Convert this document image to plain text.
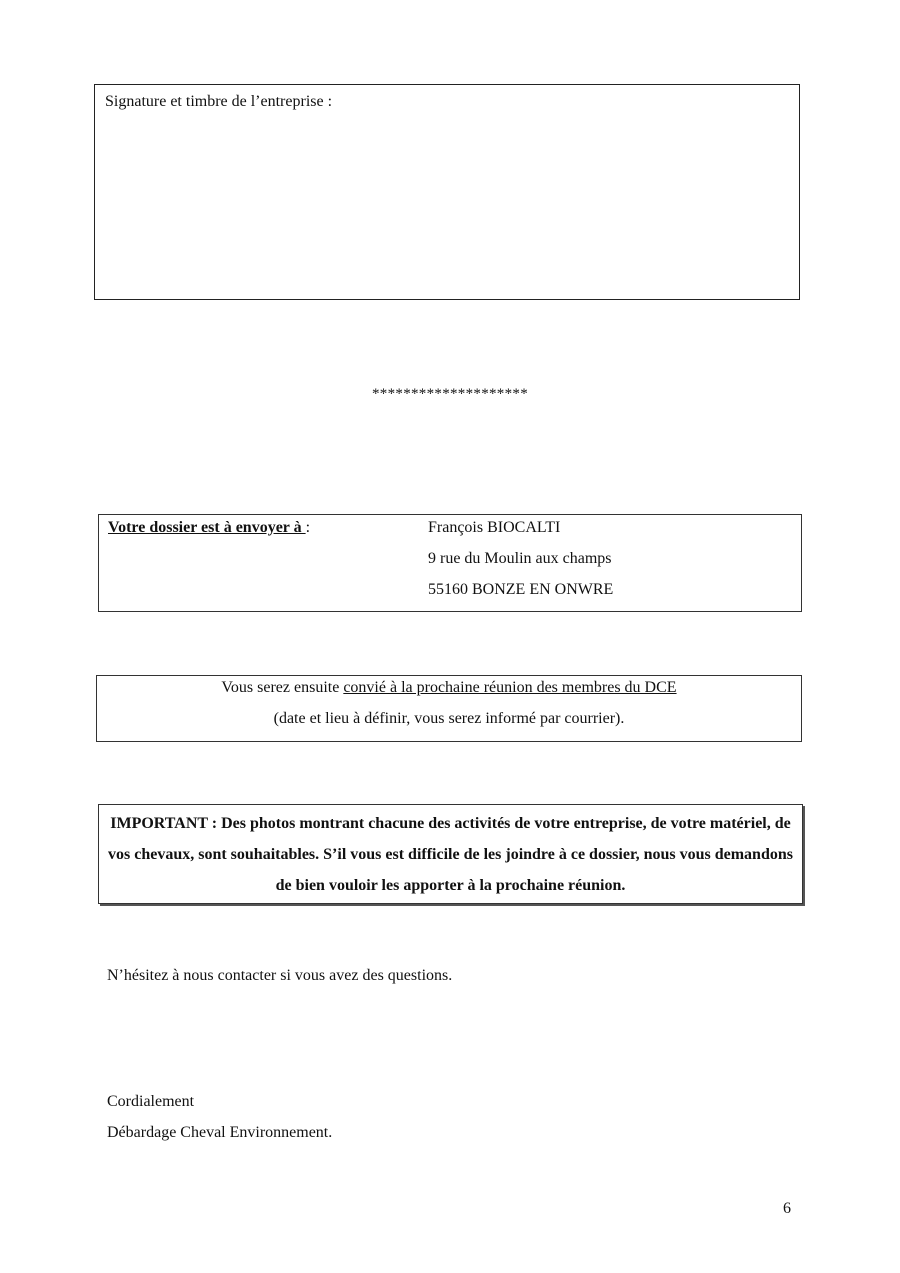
Signature et timbre de l’entreprise :
********************
Votre dossier est à envoyer à :	François BIOCALTI
9 rue du Moulin aux champs
55160 BONZE EN ONWRE
Vous serez ensuite convié à la prochaine réunion des membres du DCE
(date et lieu à définir, vous serez informé par courrier).
IMPORTANT : Des photos montrant chacune des activités de votre entreprise, de votre matériel, de vos chevaux, sont souhaitables. S’il vous est difficile de les joindre à ce dossier, nous vous demandons de bien vouloir les apporter à la prochaine réunion.
N’hésitez à nous contacter si vous avez des questions.
Cordialement
Débardage Cheval Environnement.
6
